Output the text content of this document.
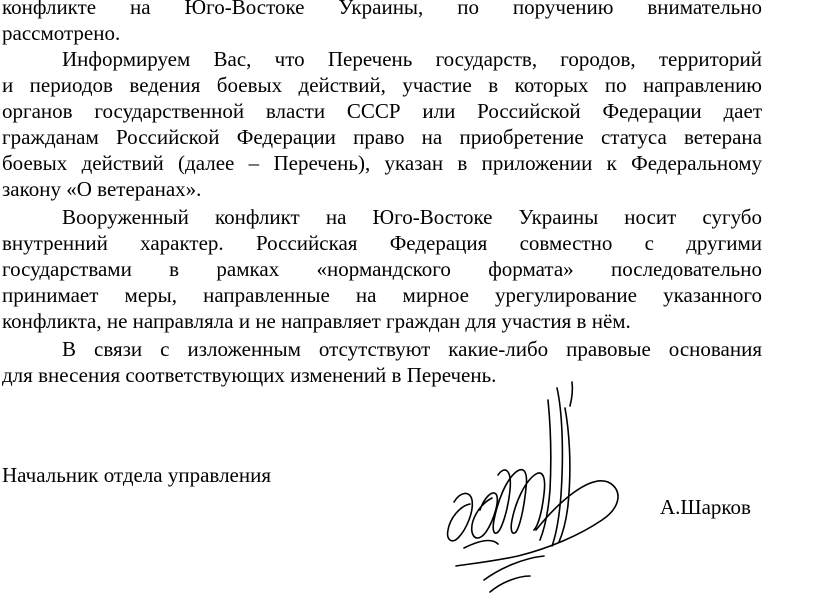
конфликте на Юго-Востоке Украины, по поручению внимательно

рассмотрено.

Информируем Вас, что Перечень государств, городов, территорий

и периодов ведения боевых действий, участие в которых по направлению

органов государственной власти СССР или Российской Федерации дает

гражданам Российской Федерации право на приобретение статуса ветерана

боевых действий (далее – Перечень), указан в приложении к Федеральному

закону «О ветеранах».

Вооруженный конфликт на Юго-Востоке Украины носит сугубо

внутренний характер. Российская Федерация совместно с другими

государствами в рамках «нормандского формата» последовательно

принимает меры, направленные на мирное урегулирование указанного

конфликта, не направляла и не направляет граждан для участия в нём.

В связи с изложенным отсутствуют какие-либо правовые основания

для внесения соответствующих изменений в Перечень.

Начальник отдела управления
А.Шарков
